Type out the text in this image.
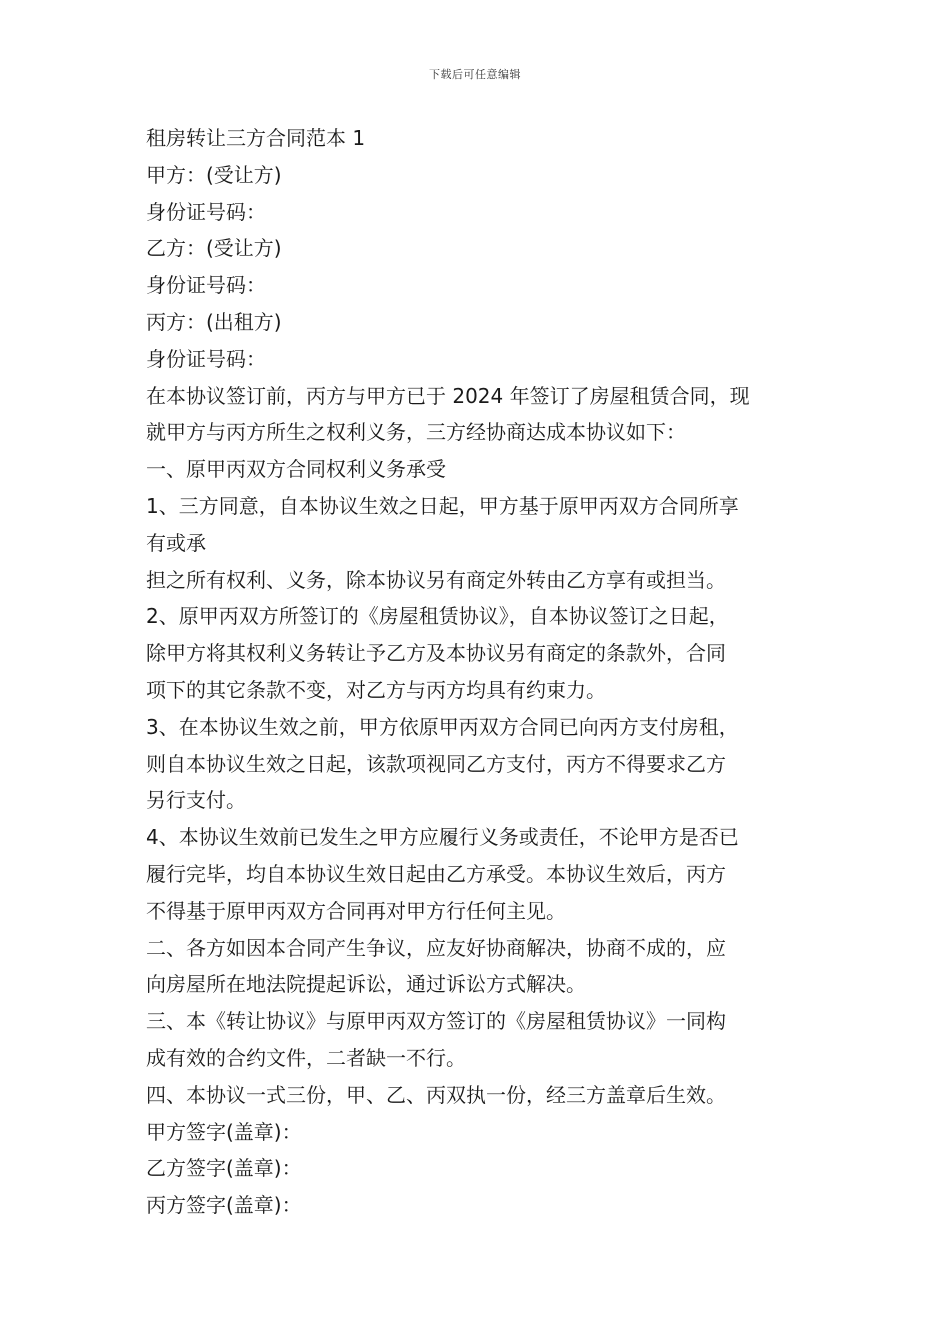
下载后可任意编辑

租房转让三方合同范本 1

甲方：(受让方)

身份证号码：

乙方：(受让方)

身份证号码：

丙方：(出租方)

身份证号码：

在本协议签订前，丙方与甲方已于 2024 年签订了房屋租赁合同，现

就甲方与丙方所生之权利义务，三方经协商达成本协议如下：

一、原甲丙双方合同权利义务承受

1、三方同意，自本协议生效之日起，甲方基于原甲丙双方合同所享

有或承

担之所有权利、义务，除本协议另有商定外转由乙方享有或担当。

2、原甲丙双方所签订的《房屋租赁协议》，自本协议签订之日起，

除甲方将其权利义务转让予乙方及本协议另有商定的条款外，合同

项下的其它条款不变，对乙方与丙方均具有约束力。

3、在本协议生效之前，甲方依原甲丙双方合同已向丙方支付房租，

则自本协议生效之日起，该款项视同乙方支付，丙方不得要求乙方

另行支付。

4、本协议生效前已发生之甲方应履行义务或责任，不论甲方是否已

履行完毕，均自本协议生效日起由乙方承受。本协议生效后，丙方

不得基于原甲丙双方合同再对甲方行任何主见。

二、各方如因本合同产生争议，应友好协商解决，协商不成的，应

向房屋所在地法院提起诉讼，通过诉讼方式解决。

三、本《转让协议》与原甲丙双方签订的《房屋租赁协议》一同构

成有效的合约文件，二者缺一不行。

四、本协议一式三份，甲、乙、丙双执一份，经三方盖章后生效。

甲方签字(盖章)：

乙方签字(盖章)：

丙方签字(盖章)：
